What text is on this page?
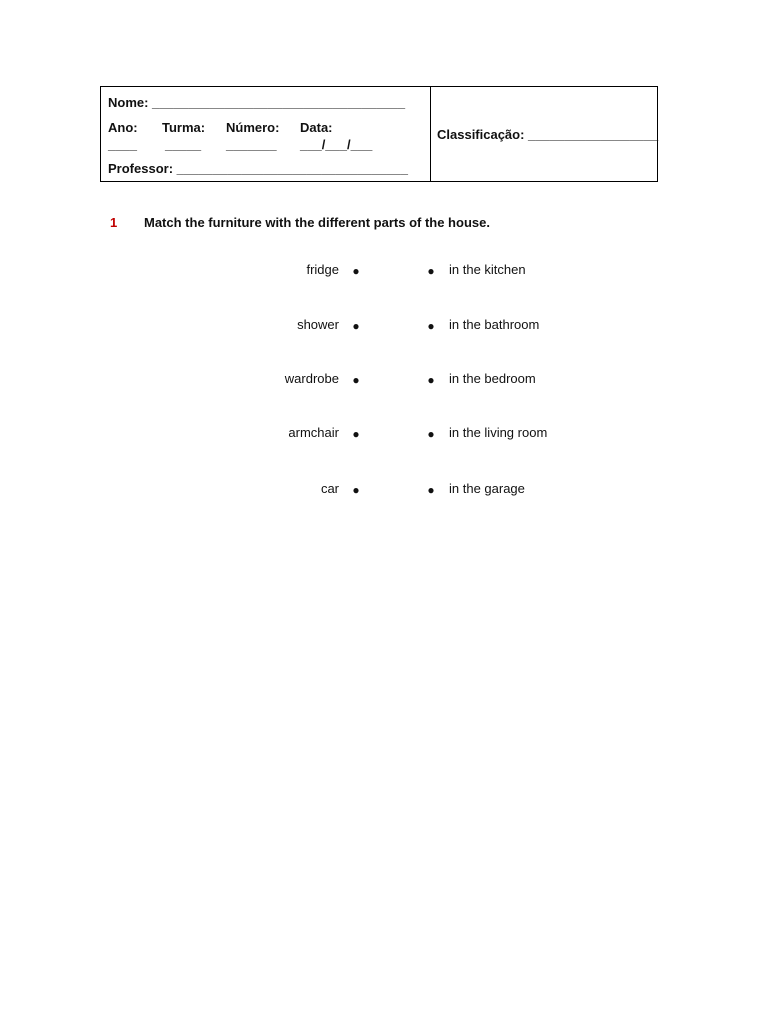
Nome: ___________________________________
Ano: Turma: Número: Data:
____ _____ _______ ___/___/___
Professor: ________________________________
Classificação: __________________
1 Match the furniture with the different parts of the house.
fridge ●	● in the kitchen
shower ●	● in the bathroom
wardrobe ●	● in the bedroom
armchair ●	● in the living room
car ●	● in the garage
